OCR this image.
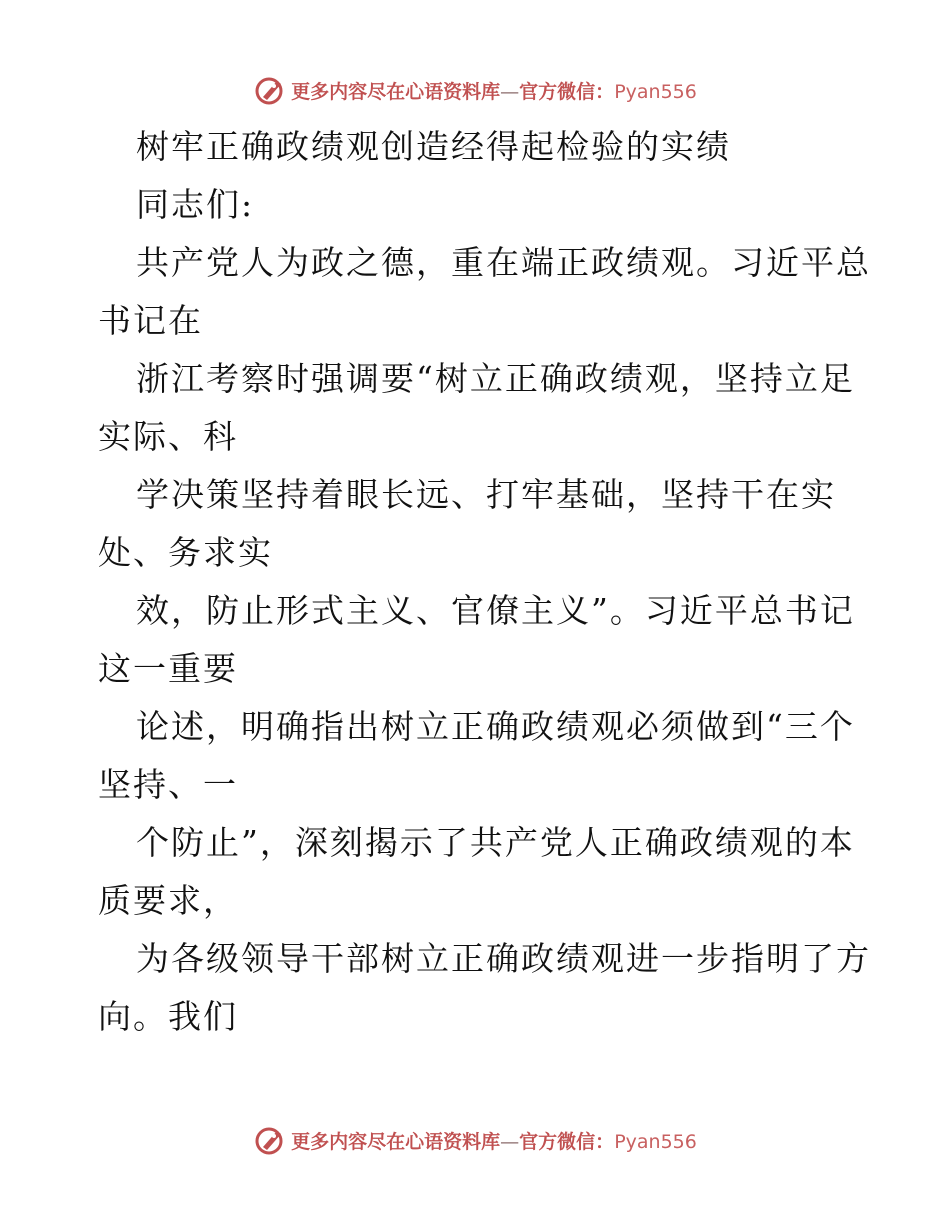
更多内容尽在心语资料库—官方微信：Pyan556
树牢正确政绩观创造经得起检验的实绩
同志们:
共产党人为政之德，重在端正政绩观。习近平总
书记在
浙江考察时强调要“树立正确政绩观，坚持立足
实际、科
学决策坚持着眼长远、打牢基础，坚持干在实
处、务求实
效，防止形式主义、官僚主义”。习近平总书记
这一重要
论述，明确指出树立正确政绩观必须做到“三个
坚持、一
个防止”，深刻揭示了共产党人正确政绩观的本
质要求，
为各级领导干部树立正确政绩观进一步指明了方
向。我们
更多内容尽在心语资料库—官方微信：Pyan556
